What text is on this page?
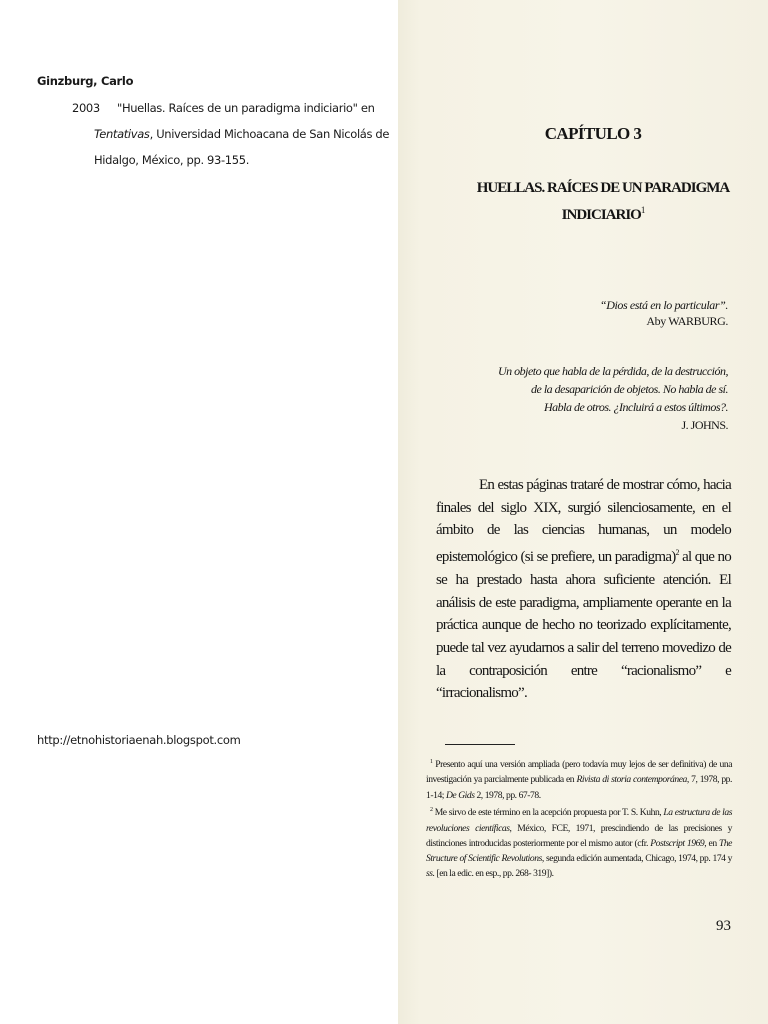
Ginzburg, Carlo
2003 "Huellas. Raíces de un paradigma indiciario" en
Tentativas, Universidad Michoacana de San Nicolás de
Hidalgo, México, pp. 93-155.
http://etnohistoriaenah.blogspot.com
CAPÍTULO 3
HUELLAS. RAÍCES DE UN PARADIGMA
INDICIARIO$^1$
“Dios está en lo particular”.
Aby WARBURG.
Un objeto que habla de la pérdida, de la destrucción,
de la desaparición de objetos. No habla de sí.
Habla de otros. ¿Incluirá a estos últimos?.
J. JOHNS.

En estas páginas trataré de mostrar cómo, hacia finales del siglo XIX, surgió silenciosamente, en el ámbito de las ciencias humanas, un modelo epistemológico (si se prefiere, un paradigma)$^2$ al que no se ha prestado hasta ahora suficiente atención. El análisis de este paradigma, ampliamente operante en la práctica aunque de hecho no teorizado explícitamente, puede tal vez ayudarnos a salir del terreno movedizo de la contraposición entre “racionalismo” e “irracionalismo”.

$^1$ Presento aquí una versión ampliada (pero todavía muy lejos de ser definitiva) de una investigación ya parcialmente publicada en Rivista di storia contemporánea, 7, 1978, pp. 1-14; De Gids 2, 1978, pp. 67-78.

$^2$ Me sirvo de este término en la acepción propuesta por T. S. Kuhn, La estructura de las revoluciones científicas, México, FCE, 1971, prescindiendo de las precisiones y distinciones introducidas posteriormente por el mismo autor (cfr. Postscript 1969, en The Structure of Scientific Revolutions, segunda edición aumentada, Chicago, 1974, pp. 174 y ss. [en la edic. en esp., pp. 268- 319]).

93
